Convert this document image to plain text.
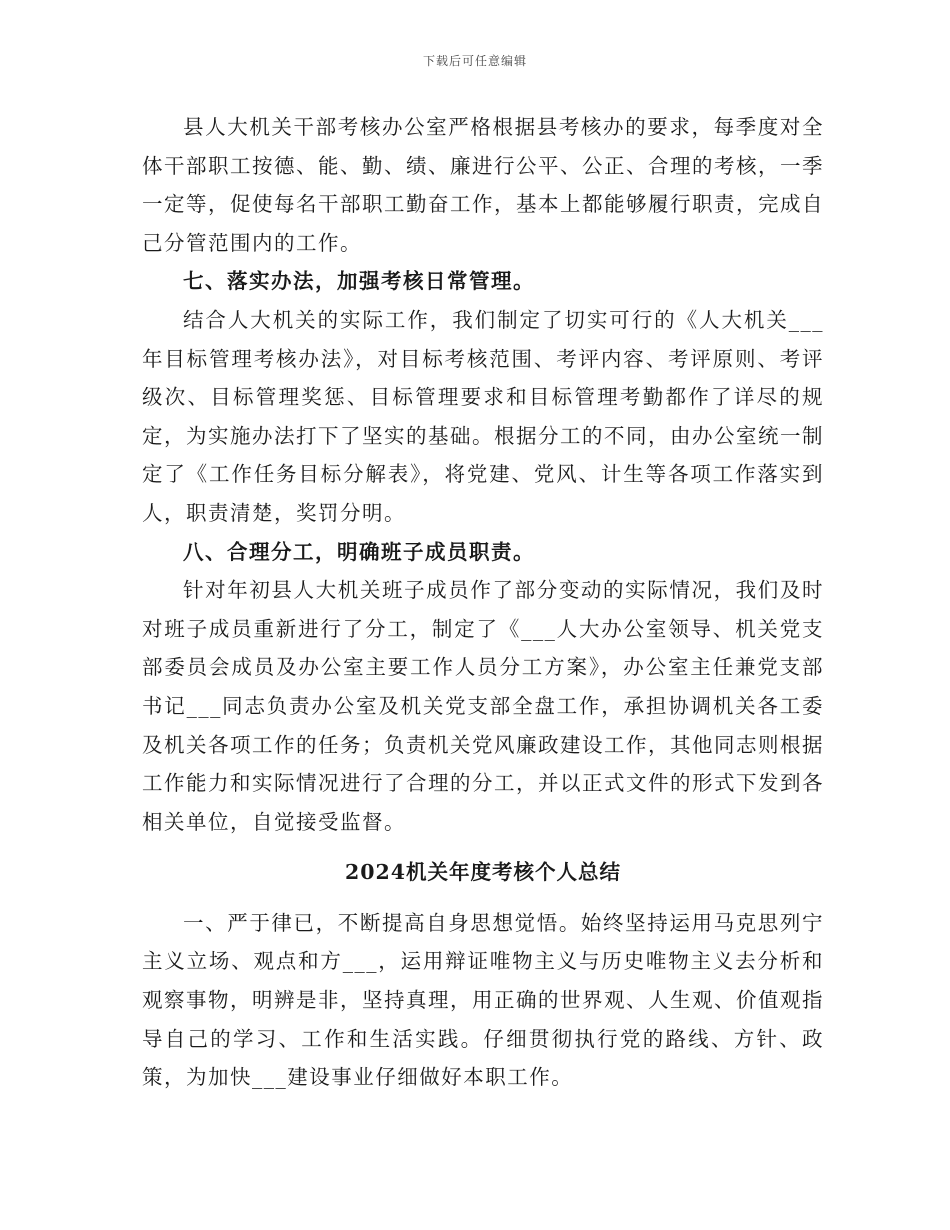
下载后可任意编辑

县人大机关干部考核办公室严格根据县考核办的要求，每季度对全体干部职工按德、能、勤、绩、廉进行公平、公正、合理的考核，一季一定等，促使每名干部职工勤奋工作，基本上都能够履行职责，完成自己分管范围内的工作。

七、落实办法，加强考核日常管理。

结合人大机关的实际工作，我们制定了切实可行的《人大机关___年目标管理考核办法》，对目标考核范围、考评内容、考评原则、考评级次、目标管理奖惩、目标管理要求和目标管理考勤都作了详尽的规定，为实施办法打下了坚实的基础。根据分工的不同，由办公室统一制定了《工作任务目标分解表》，将党建、党风、计生等各项工作落实到人，职责清楚，奖罚分明。

八、合理分工，明确班子成员职责。

针对年初县人大机关班子成员作了部分变动的实际情况，我们及时对班子成员重新进行了分工，制定了《___人大办公室领导、机关党支部委员会成员及办公室主要工作人员分工方案》，办公室主任兼党支部书记___同志负责办公室及机关党支部全盘工作，承担协调机关各工委及机关各项工作的任务；负责机关党风廉政建设工作，其他同志则根据工作能力和实际情况进行了合理的分工，并以正式文件的形式下发到各相关单位，自觉接受监督。

2024机关年度考核个人总结

一、严于律已，不断提高自身思想觉悟。始终坚持运用马克思列宁主义立场、观点和方___，运用辩证唯物主义与历史唯物主义去分析和观察事物，明辨是非，坚持真理，用正确的世界观、人生观、价值观指导自己的学习、工作和生活实践。仔细贯彻执行党的路线、方针、政策，为加快___建设事业仔细做好本职工作。
